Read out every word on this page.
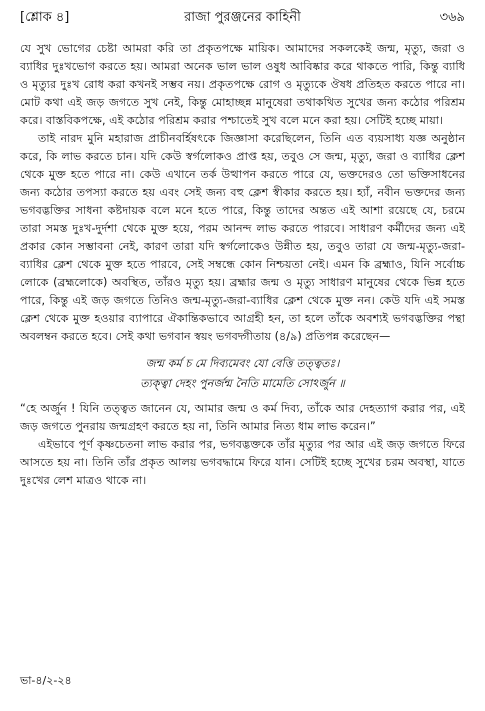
[শ্লোক ৪]	রাজা পুরঞ্জনের কাহিনী	৩৬৯

যে সুখ ভোগের চেষ্টা আমরা করি তা প্রকৃতপক্ষে মায়িক। আমাদের সকলকেই জন্ম, মৃত্যু, জরা ও ব্যাধির দুঃখভোগ করতে হয়। আমরা অনেক ভাল ভাল ওষুধ আবিষ্কার করে থাকতে পারি, কিন্তু ব্যাধি ও মৃত্যুর দুঃখ রোধ করা কখনই সম্ভব নয়। প্রকৃতপক্ষে রোগ ও মৃত্যুকে ঔষধ প্রতিহত করতে পারে না। মোট কথা এই জড় জগতে সুখ নেই, কিন্তু মোহাচ্ছন্ন মানুষেরা তথাকথিত সুখের জন্য কঠোর পরিশ্রম করে। বাস্তবিকপক্ষে, এই কঠোর পরিশ্রম করার পশ্চাতেই সুখ বলে মনে করা হয়। সেটিই হচ্ছে মায়া।

তাই নারদ মুনি মহারাজ প্রাচীনবর্হিষৎকে জিজ্ঞাসা করেছিলেন, তিনি এত ব্যয়সাধ্য যজ্ঞ অনুষ্ঠান করে, কি লাভ করতে চান। যদি কেউ স্বর্গলোকও প্রাপ্ত হয়, তবুও সে জন্ম, মৃত্যু, জরা ও ব্যাধির ক্লেশ থেকে মুক্ত হতে পারে না। কেউ এখানে তর্ক উত্থাপন করতে পারে যে, ভক্তদেরও তো ভক্তিসাধনের জন্য কঠোর তপস্যা করতে হয় এবং সেই জন্য বহু ক্লেশ স্বীকার করতে হয়। হ্যাঁ, নবীন ভক্তদের জন্য ভগবদ্ভক্তির সাধনা কষ্টদায়ক বলে মনে হতে পারে, কিন্তু তাদের অন্তত এই আশা রয়েছে যে, চরমে তারা সমস্ত দুঃখ-দুর্দশা থেকে মুক্ত হয়ে, পরম আনন্দ লাভ করতে পারবে। সাধারণ কর্মীদের জন্য এই প্রকার কোন সম্ভাবনা নেই, কারণ তারা যদি স্বর্গলোকেও উন্নীত হয়, তবুও তারা যে জন্ম-মৃত্যু-জরা-ব্যাধির ক্লেশ থেকে মুক্ত হতে পারবে, সেই সম্বন্ধে কোন নিশ্চয়তা নেই। এমন কি ব্রহ্মাও, যিনি সর্বোচ্চ লোকে (ব্রহ্মলোকে) অবস্থিত, তাঁরও মৃত্যু হয়। ব্রহ্মার জন্ম ও মৃত্যু সাধারণ মানুষের থেকে ভিন্ন হতে পারে, কিন্তু এই জড় জগতে তিনিও জন্ম-মৃত্যু-জরা-ব্যাধির ক্লেশ থেকে মুক্ত নন। কেউ যদি এই সমস্ত ক্লেশ থেকে মুক্ত হওয়ার ব্যাপারে ঐকান্তিকভাবে আগ্রহী হন, তা হলে তাঁকে অবশ্যই ভগবদ্ভক্তির পন্থা অবলম্বন করতে হবে। সেই কথা ভগবান স্বয়ং ভগবদ্গীতায় (৪/৯) প্রতিপন্ন করেছেন—

জন্ম কর্ম চ মে দিব্যমেবং যো বেত্তি তত্ত্বতঃ।
ত্যক্ত্বা দেহং পুনর্জন্ম নৈতি মামেতি সোঽর্জুন ॥

“হে অর্জুন ! যিনি তত্ত্বত জানেন যে, আমার জন্ম ও কর্ম দিব্য, তাঁকে আর দেহত্যাগ করার পর, এই জড় জগতে পুনরায় জন্মগ্রহণ করতে হয় না, তিনি আমার নিত্য ধাম লাভ করেন।”

এইভাবে পূর্ণ কৃষ্ণচেতনা লাভ করার পর, ভগবদ্ভক্তকে তাঁর মৃত্যুর পর আর এই জড় জগতে ফিরে আসতে হয় না। তিনি তাঁর প্রকৃত আলয় ভগবদ্ধামে ফিরে যান। সেটিই হচ্ছে সুখের চরম অবস্থা, যাতে দুঃখের লেশ মাত্রও থাকে না।

ভা-৪/২-২৪
